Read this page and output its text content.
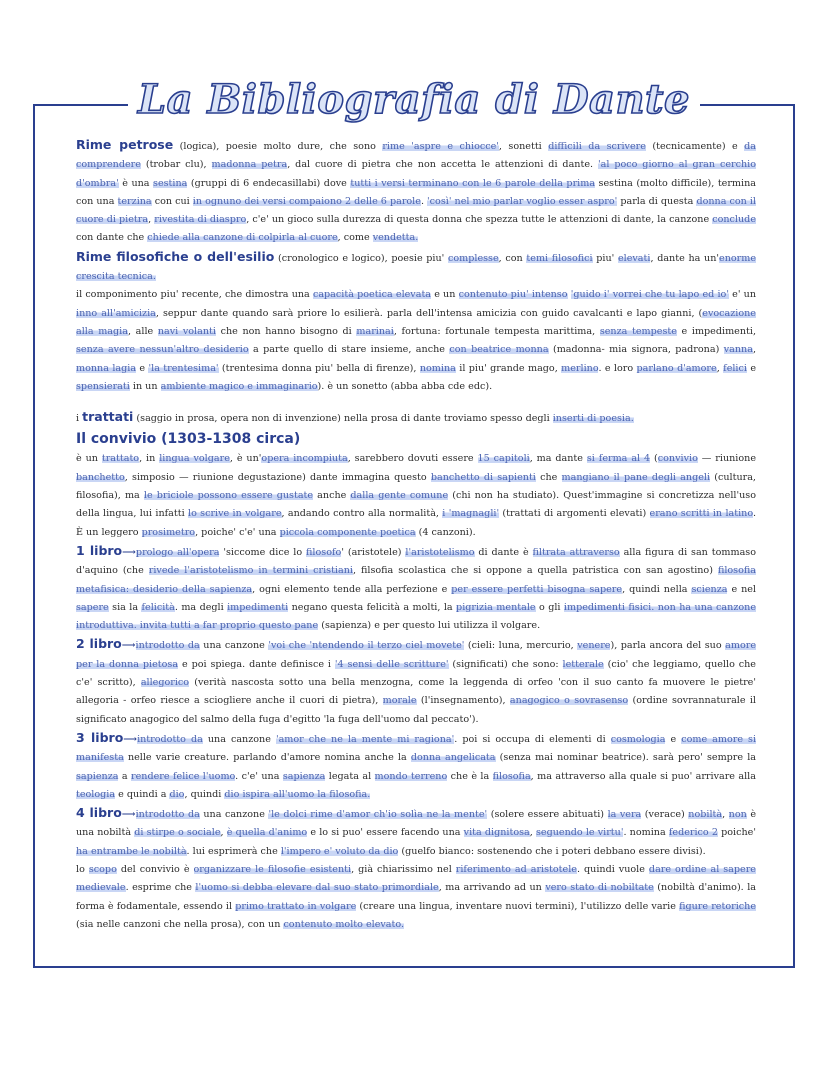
La Bibliografia di Dante

Rime petrose (logica), poesie molto dure, che sono rime 'aspre e chiocce', sonetti difficili da scrivere (tecnicamente) e da comprendere (trobar clu), madonna petra, dal cuore di pietra che non accetta le attenzioni di dante. 'al poco giorno al gran cerchio d'ombra' è una sestina (gruppi di 6 endecasillabi) dove tutti i versi terminano con le 6 parole della prima sestina (molto difficile), termina con una terzina con cui in ognuno dei versi compaiono 2 delle 6 parole. 'così' nel mio parlar voglio esser aspro' parla di questa donna con il cuore di pietra, rivestita di diaspro, c'e' un gioco sulla durezza di questa donna che spezza tutte le attenzioni di dante, la canzone conclude con dante che chiede alla canzone di colpirla al cuore, come vendetta.

Rime filosofiche o dell'esilio (cronologico e logico), poesie piu' complesse, con temi filosofici piu' elevati, dante ha un'enorme crescita tecnica.

il componimento piu' recente, che dimostra una capacità poetica elevata e un contenuto piu' intenso 'guido i' vorrei che tu lapo ed io' e' un inno all'amicizia, seppur dante quando sarà priore lo esilierà. parla dell'intensa amicizia con guido cavalcanti e lapo gianni, (evocazione alla magia, alle navi volanti che non hanno bisogno di marinai, fortuna: fortunale tempesta marittima, senza tempeste e impedimenti, senza avere nessun'altro desiderio a parte quello di stare insieme, anche con beatrice monna (madonna- mia signora, padrona) vanna, monna lagia e 'la trentesima' (trentesima donna piu' bella di firenze), nomina il piu' grande mago, merlino. e loro parlano d'amore, felici e spensierati in un ambiente magico e immaginario). è un sonetto (abba abba cde edc).

i trattati (saggio in prosa, opera non di invenzione) nella prosa di dante troviamo spesso degli inserti di poesia.

Il convivio (1303-1308 circa)

è un trattato, in lingua volgare, è un'opera incompiuta, sarebbero dovuti essere 15 capitoli, ma dante si ferma al 4 (convivio — riunione banchetto, simposio — riunione degustazione) dante immagina questo banchetto di sapienti che mangiano il pane degli angeli (cultura, filosofia), ma le briciole possono essere gustate anche dalla gente comune (chi non ha studiato). Quest'immagine si concretizza nell'uso della lingua, lui infatti lo scrive in volgare, andando contro alla normalità, i 'magnagli' (trattati di argomenti elevati) erano scritti in latino. È un leggero prosimetro, poiche' c'e' una piccola componente poetica (4 canzoni).

1 libro⟶prologo all'opera 'siccome dice lo filosofo' (aristotele) l'aristotelismo di dante è filtrata attraverso alla figura di san tommaso d'aquino (che rivede l'aristotelismo in termini cristiani, filsofia scolastica che si oppone a quella patristica con san agostino) filosofia metafisica: desiderio della sapienza, ogni elemento tende alla perfezione e per essere perfetti bisogna sapere, quindi nella scienza e nel sapere sia la felicità. ma degli impedimenti negano questa felicità a molti, la pigrizia mentale o gli impedimenti fisici. non ha una canzone introduttiva. invita tutti a far proprio questo pane (sapienza) e per questo lui utilizza il volgare.

2 libro⟶introdotto da una canzone 'voi che 'ntendendo il terzo ciel movete' (cieli: luna, mercurio, venere), parla ancora del suo amore per la donna pietosa e poi spiega. dante definisce i '4 sensi delle scritture' (significati) che sono: letterale (cio' che leggiamo, quello che c'e' scritto), allegorico (verità nascosta sotto una bella menzogna, come la leggenda di orfeo 'con il suo canto fa muovere le pietre' allegoria - orfeo riesce a sciogliere anche il cuori di pietra), morale (l'insegnamento), anagogico o sovrasenso (ordine sovrannaturale il significato anagogico del salmo della fuga d'egitto 'la fuga dell'uomo dal peccato').

3 libro⟶introdotto da una canzone 'amor che ne la mente mi ragiona'. poi si occupa di elementi di cosmologia e come amore si manifesta nelle varie creature. parlando d'amore nomina anche la donna angelicata (senza mai nominar beatrice). sarà pero' sempre la sapienza a rendere felice l'uomo. c'e' una sapienza legata al mondo terreno che è la filosofia, ma attraverso alla quale si puo' arrivare alla teologia e quindi a dio, quindi dio ispira all'uomo la filosofia.

4 libro⟶introdotto da una canzone 'le dolci rime d'amor ch'io solìa ne la mente' (solere essere abituati) la vera (verace) nobiltà, non è una nobiltà di stirpe o sociale, è quella d'animo e lo si puo' essere facendo una vita dignitosa, seguendo le virtu'. nomina federico 2 poiche' ha entrambe le nobiltà. lui esprimerà che l'impero e' voluto da dio (guelfo bianco: sostenendo che i poteri debbano essere divisi).

lo scopo del convivio è organizzare le filosofie esistenti, già chiarissimo nel riferimento ad aristotele. quindi vuole dare ordine al sapere medievale. esprime che l'uomo si debba elevare dal suo stato primordiale, ma arrivando ad un vero stato di nobiltate (nobiltà d'animo). la forma è fodamentale, essendo il primo trattato in volgare (creare una lingua, inventare nuovi termini), l'utilizzo delle varie figure retoriche (sia nelle canzoni che nella prosa), con un contenuto molto elevato.
